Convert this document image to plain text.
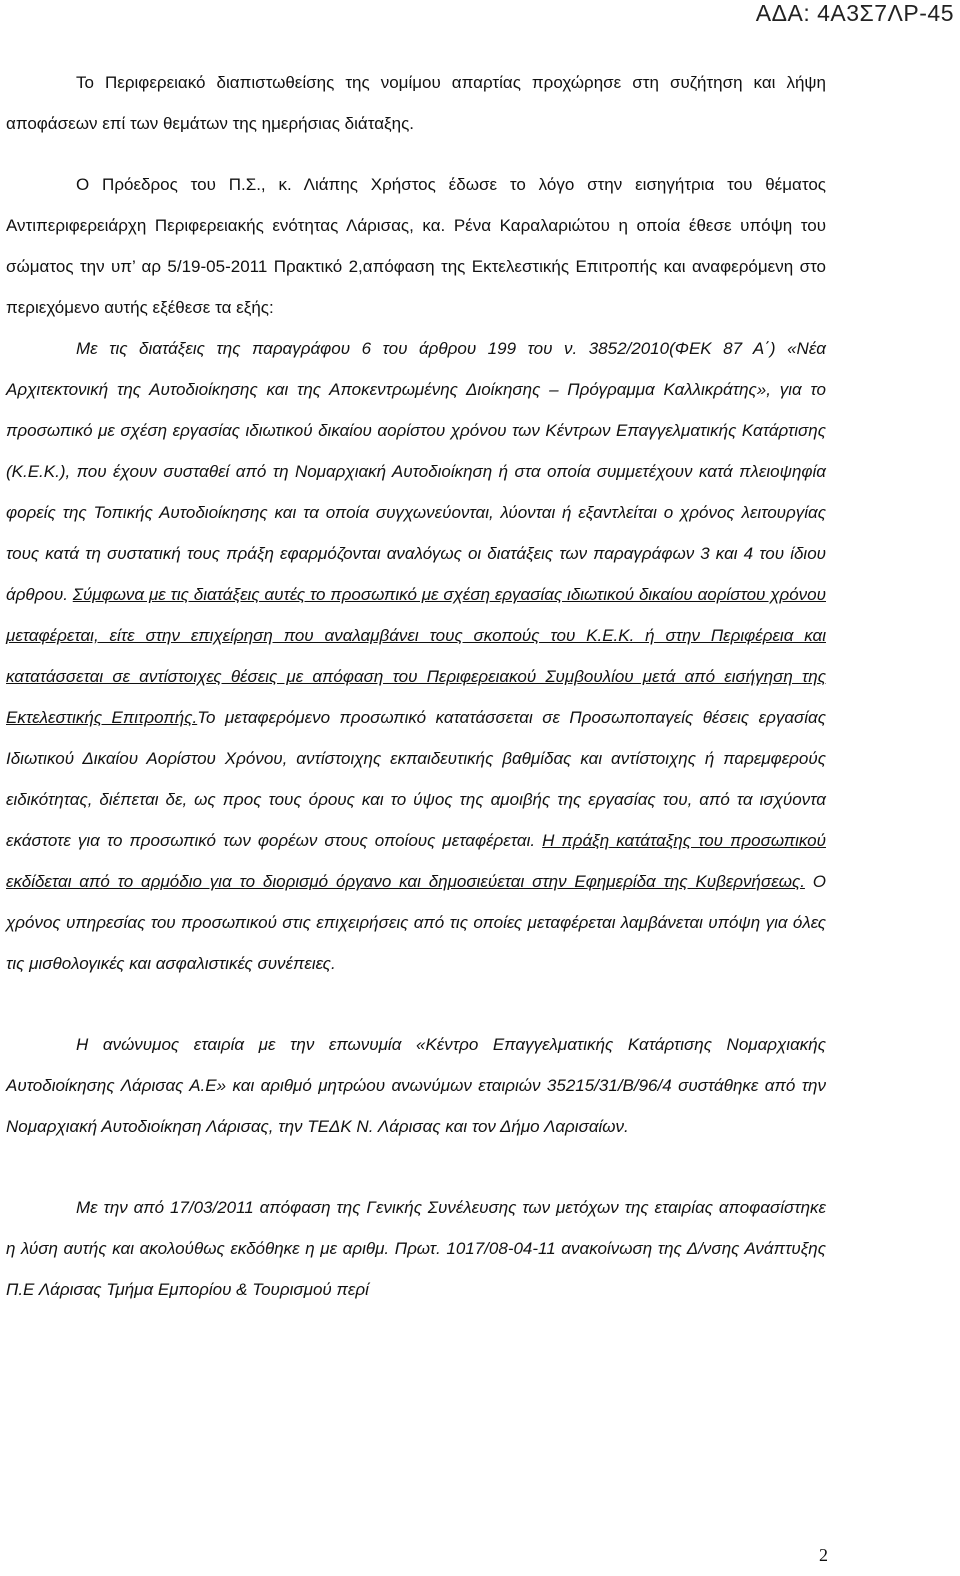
ΑΔΑ: 4Α3Σ7ΛΡ-45

Το Περιφερειακό διαπιστωθείσης της νομίμου απαρτίας προχώρησε στη συζήτηση και λήψη αποφάσεων επί των θεμάτων της ημερήσιας διάταξης.

Ο Πρόεδρος του Π.Σ., κ. Λιάπης Χρήστος έδωσε το λόγο στην εισηγήτρια του θέματος Αντιπεριφερειάρχη Περιφερειακής ενότητας Λάρισας, κα. Ρένα Καραλαριώτου η οποία έθεσε υπόψη του σώματος την υπ’ αρ 5/19-05-2011 Πρακτικό 2,απόφαση της Εκτελεστικής Επιτροπής και αναφερόμενη στο περιεχόμενο αυτής εξέθεσε τα εξής:

Με τις διατάξεις της παραγράφου 6 του άρθρου 199 του ν. 3852/2010(ΦΕΚ 87 Α΄) «Νέα Αρχιτεκτονική της Αυτοδιοίκησης και της Αποκεντρωμένης Διοίκησης – Πρόγραμμα Καλλικράτης», για το προσωπικό με σχέση εργασίας ιδιωτικού δικαίου αορίστου χρόνου των Κέντρων Επαγγελματικής Κατάρτισης (Κ.Ε.Κ.), που έχουν συσταθεί από τη Νομαρχιακή Αυτοδιοίκηση ή στα οποία συμμετέχουν κατά πλειοψηφία φορείς της Τοπικής Αυτοδιοίκησης και τα οποία συγχωνεύονται, λύονται ή εξαντλείται ο χρόνος λειτουργίας τους κατά τη συστατική τους πράξη εφαρμόζονται αναλόγως οι διατάξεις των παραγράφων 3 και 4 του ίδιου άρθρου. Σύμφωνα με τις διατάξεις αυτές το προσωπικό με σχέση εργασίας ιδιωτικού δικαίου αορίστου χρόνου μεταφέρεται, είτε στην επιχείρηση που αναλαμβάνει τους σκοπούς του Κ.Ε.Κ. ή στην Περιφέρεια και κατατάσσεται σε αντίστοιχες θέσεις με απόφαση του Περιφερειακού Συμβουλίου μετά από εισήγηση της Εκτελεστικής Επιτροπής.Το μεταφερόμενο προσωπικό κατατάσσεται σε Προσωποπαγείς θέσεις εργασίας Ιδιωτικού Δικαίου Αορίστου Χρόνου, αντίστοιχης εκπαιδευτικής βαθμίδας και αντίστοιχης ή παρεμφερούς ειδικότητας, διέπεται δε, ως προς τους όρους και το ύψος της αμοιβής της εργασίας του, από τα ισχύοντα εκάστοτε για το προσωπικό των φορέων στους οποίους μεταφέρεται. Η πράξη κατάταξης του προσωπικού εκδίδεται από το αρμόδιο για το διορισμό όργανο και δημοσιεύεται στην Εφημερίδα της Κυβερνήσεως. Ο χρόνος υπηρεσίας του προσωπικού στις επιχειρήσεις από τις οποίες μεταφέρεται λαμβάνεται υπόψη για όλες τις μισθολογικές και ασφαλιστικές συνέπειες.

Η ανώνυμος εταιρία με την επωνυμία «Κέντρο Επαγγελματικής Κατάρτισης Νομαρχιακής Αυτοδιοίκησης Λάρισας Α.Ε» και αριθμό μητρώου ανωνύμων εταιριών 35215/31/Β/96/4 συστάθηκε από την Νομαρχιακή Αυτοδιοίκηση Λάρισας, την ΤΕΔΚ Ν. Λάρισας και τον Δήμο Λαρισαίων.

Με την από 17/03/2011 απόφαση της Γενικής Συνέλευσης των μετόχων της εταιρίας αποφασίστηκε η λύση αυτής και ακολούθως εκδόθηκε η με αριθμ. Πρωτ. 1017/08-04-11 ανακοίνωση της Δ/νσης Ανάπτυξης Π.Ε Λάρισας Τμήμα Εμπορίου & Τουρισμού περί

2
